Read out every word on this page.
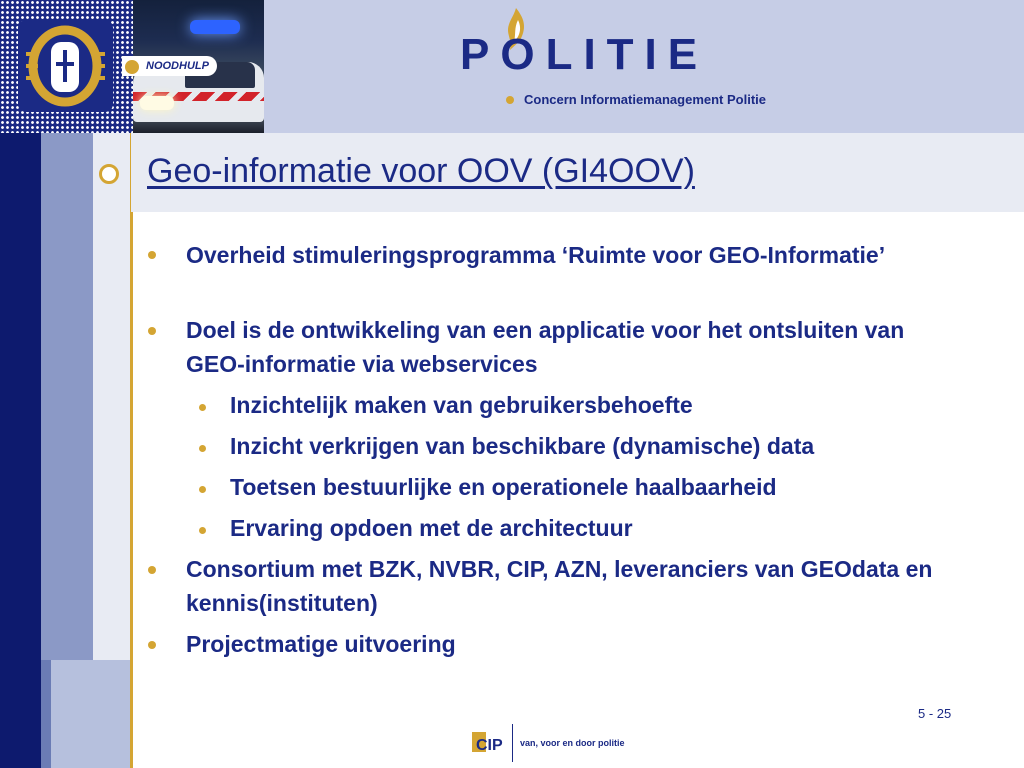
NOODHULP	POLITIE
Concern Informatiemanagement Politie
Geo-informatie voor OOV (GI4OOV)
Overheid stimuleringsprogramma ‘Ruimte voor GEO-Informatie’
Doel is de ontwikkeling van een applicatie voor het ontsluiten van GEO-informatie via webservices
Inzichtelijk maken van gebruikersbehoefte
Inzicht verkrijgen van beschikbare (dynamische) data
Toetsen bestuurlijke en operationele haalbaarheid
Ervaring opdoen met de architectuur
Consortium met BZK, NVBR, CIP, AZN, leveranciers van GEOdata en kennis(instituten)
Projectmatige uitvoering
5 - 25
CIP van, voor en door politie
